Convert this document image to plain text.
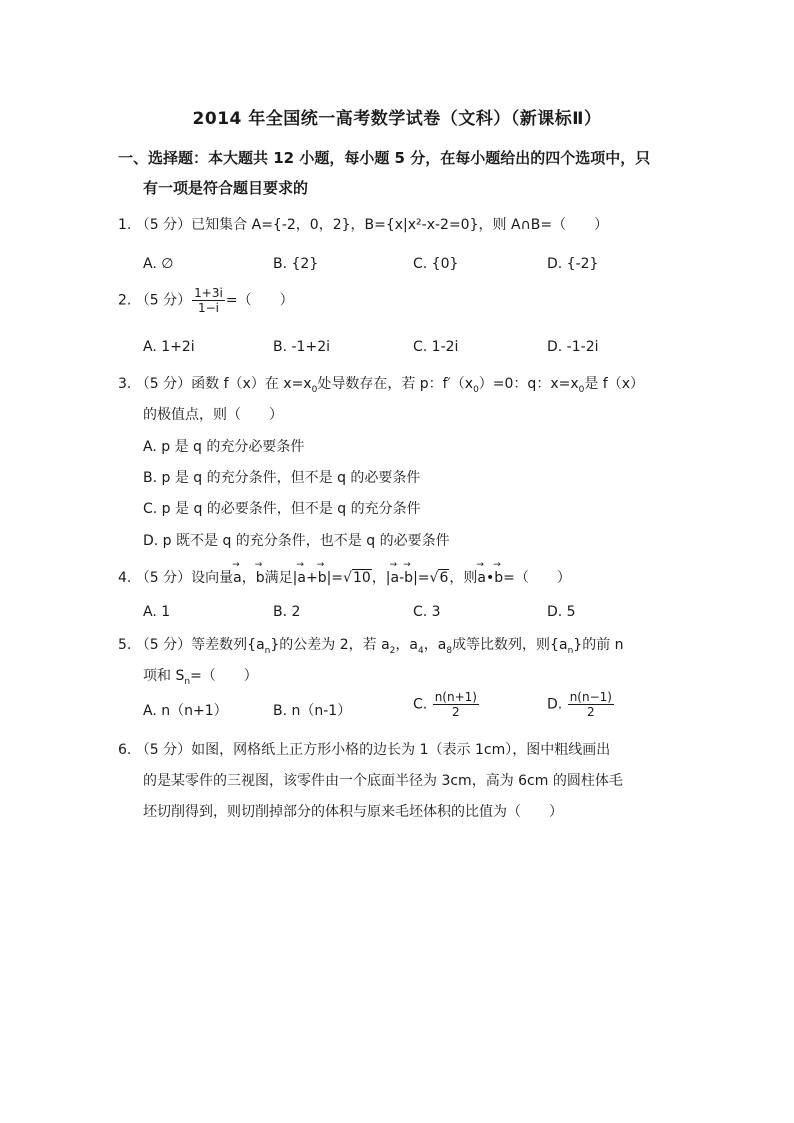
2014 年全国统一高考数学试卷（文科）（新课标Ⅱ）
一、选择题：本大题共 12 小题，每小题 5 分，在每小题给出的四个选项中，只
有一项是符合题目要求的
1. （5 分）已知集合 A={-2，0，2}，B={x|x²-x-2=0}，则 A∩B=（　　）
A. ∅	B. {2}	C. {0}	D. {-2}
2. （5 分） $\frac{1+3i}{1-i}$ =（　　）
A. 1+2i	B. -1+2i	C. 1-2i	D. -1-2i
3. （5 分）函数 f（x）在 $x=x_0$处导数存在，若 p：$f'(x_0)=0$：q：$x=x_0$是 f（x）
的极值点，则（　　）
A. p 是 q 的充分必要条件
B. p 是 q 的充分条件，但不是 q 的必要条件
C. p 是 q 的必要条件，但不是 q 的充分条件
D. p 既不是 q 的充分条件，也不是 q 的必要条件
4. （5 分）设向量→ a，→ b满足|→ a+→ b|=√10，|→ a-→ b|=√6，则→ a•→ b=（　　）
A. 1	B. 2	C. 3	D. 5
5. （5 分）等差数列$\{a_n\}$的公差为 2，若 $a_2$，$a_4$，$a_8$成等比数列，则$\{a_n\}$的前 n
项和 $S_n=$（　　）
A. n（n+1）	B. n（n-1）	C. $\frac{n(n+1)}{2}$	D. $\frac{n(n-1)}{2}$
6. （5 分）如图，网格纸上正方形小格的边长为 1（表示 1cm），图中粗线画出
的是某零件的三视图，该零件由一个底面半径为 3cm，高为 6cm 的圆柱体毛
坯切削得到，则切削掉部分的体积与原来毛坯体积的比值为（　　）
